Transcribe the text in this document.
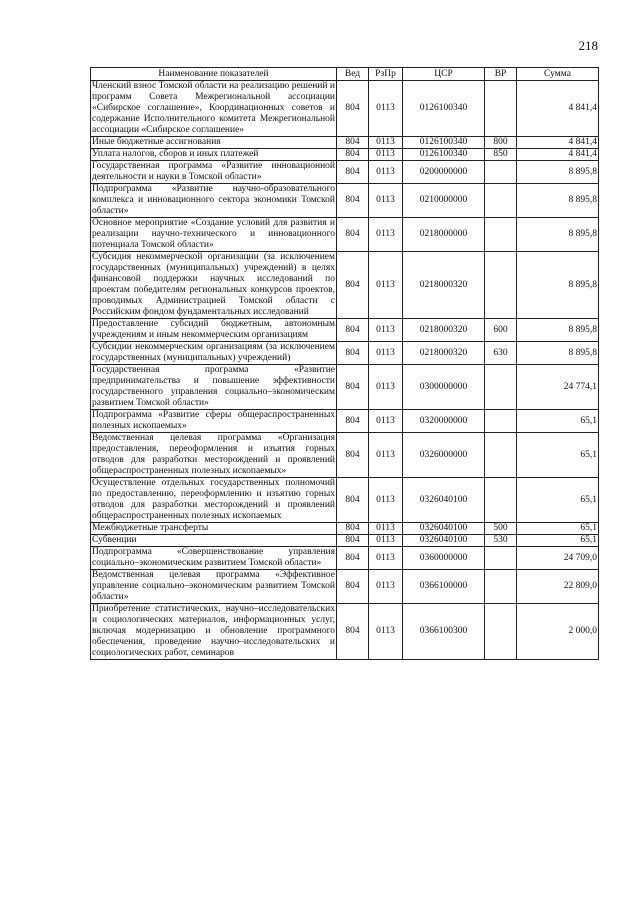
218
Наименование показателей	Вед	РзПр	ЦСР	ВР	Сумма
Членский взнос Томской области на реализацию решений и программ Совета Межрегиональной ассоциации «Сибирское соглашение», Координационных советов и содержание Исполнительного комитета Межрегиональной ассоциации «Сибирское соглашение»	804	0113	0126100340		4 841,4
Иные бюджетные ассигнования	804	0113	0126100340	800	4 841,4
Уплата налогов, сборов и иных платежей	804	0113	0126100340	850	4 841,4
Государственная программа «Развитие инновационной деятельности и науки в Томской области»	804	0113	0200000000		8 895,8
Подпрограмма «Развитие научно-образовательного комплекса и инновационного сектора экономики Томской области»	804	0113	0210000000		8 895,8
Основное мероприятие «Создание условий для развития и реализации научно-технического и инновационного потенциала Томской области»	804	0113	0218000000		8 895,8
Субсидия некоммерческой организации (за исключением государственных (муниципальных) учреждений) в целях финансовой поддержки научных исследований по проектам победителям региональных конкурсов проектов, проводимых Администрацией Томской области с Российским фондом фундаментальных исследований	804	0113	0218000320		8 895,8
Предоставление субсидий бюджетным, автономным учреждениям и иным некоммерческим организациям	804	0113	0218000320	600	8 895,8
Субсидии некоммерческим организациям (за исключением государственных (муниципальных) учреждений)	804	0113	0218000320	630	8 895,8
Государственная программа «Развитие предпринимательства и повышение эффективности государственного управления социально–экономическим развитием Томской области»	804	0113	0300000000		24 774,1
Подпрограмма «Развитие сферы общераспространенных полезных ископаемых»	804	0113	0320000000		65,1
Ведомственная целевая программа «Организация предоставления, переоформления и изъятия горных отводов для разработки месторождений и проявлений общераспространенных полезных ископаемых»	804	0113	0326000000		65,1
Осуществление отдельных государственных полномочий по предоставлению, переоформлению и изъятию горных отводов для разработки месторождений и проявлений общераспространенных полезных ископаемых	804	0113	0326040100		65,1
Межбюджетные трансферты	804	0113	0326040100	500	65,1
Субвенции	804	0113	0326040100	530	65,1
Подпрограмма «Совершенствование управления социально–экономическим развитием Томской области»	804	0113	0360000000		24 709,0
Ведомственная целевая программа «Эффективное управление социально–экономическим развитием Томской области»	804	0113	0366100000		22 809,0
Приобретение статистических, научно–исследовательских и социологических материалов, информационных услуг, включая модернизацию и обновление программного обеспечения, проведение научно–исследовательских и социологических работ, семинаров	804	0113	0366100300		2 000,0
